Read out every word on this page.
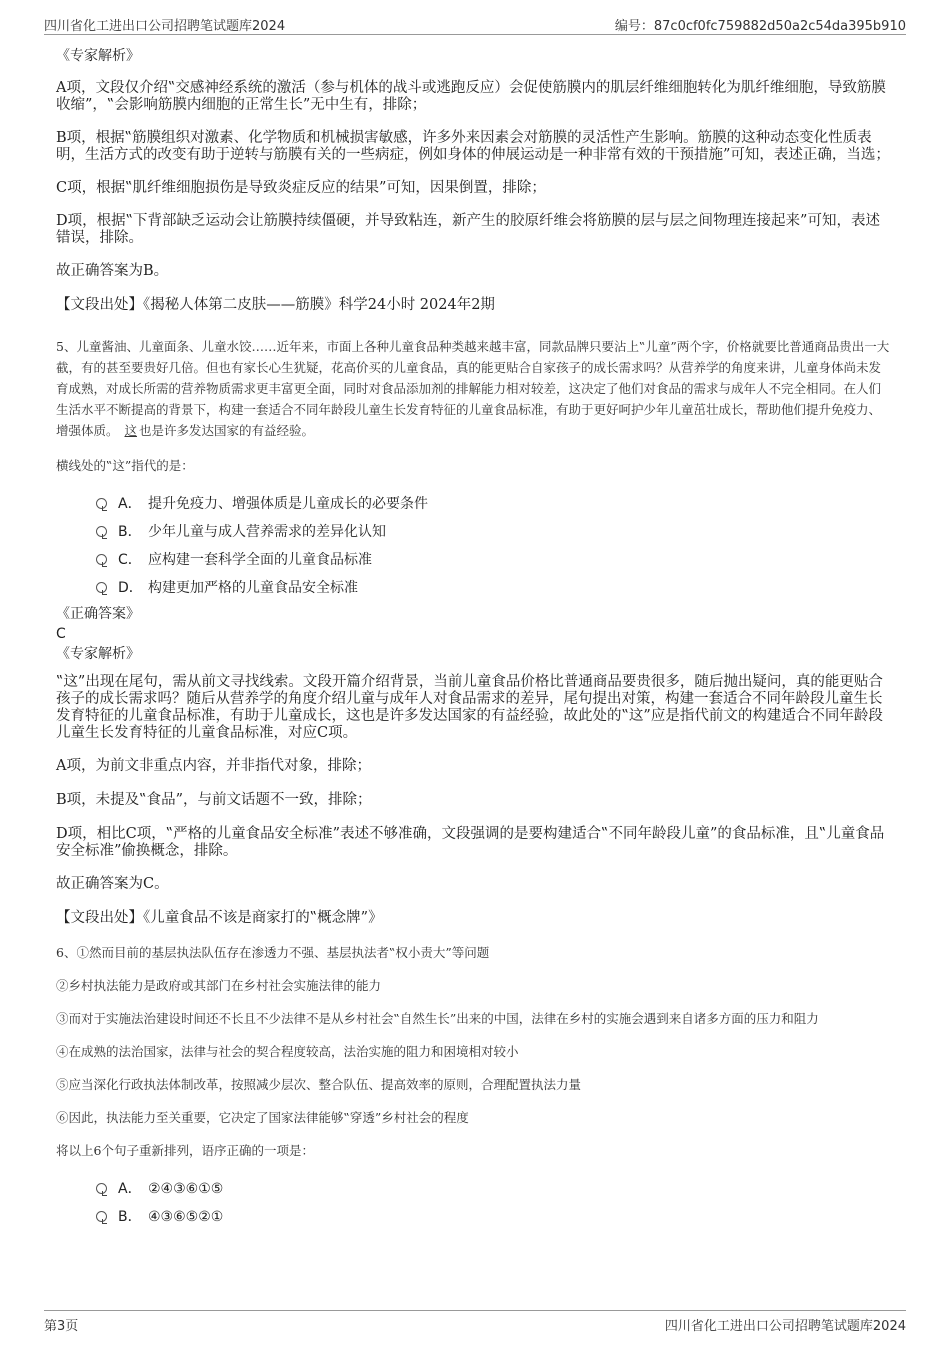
四川省化工进出口公司招聘笔试题库2024	编号：87c0cf0fc759882d50a2c54da395b910

《专家解析》

A项，文段仅介绍‟交感神经系统的激活（参与机体的战斗或逃跑反应）会促使筋膜内的肌层纤维细胞转化为肌纤维细胞，导致筋膜收缩”，‟会影响筋膜内细胞的正常生长”无中生有，排除；

B项，根据‟筋膜组织对激素、化学物质和机械损害敏感，许多外来因素会对筋膜的灵活性产生影响。筋膜的这种动态变化性质表明，生活方式的改变有助于逆转与筋膜有关的一些病症，例如身体的伸展运动是一种非常有效的干预措施”可知，表述正确，当选；

C项，根据‟肌纤维细胞损伤是导致炎症反应的结果”可知，因果倒置，排除；

D项，根据‟下背部缺乏运动会让筋膜持续僵硬，并导致粘连，新产生的胶原纤维会将筋膜的层与层之间物理连接起来”可知，表述错误，排除。

故正确答案为B。

【文段出处】《揭秘人体第二皮肤——筋膜》科学24小时 2024年2期

5、儿童酱油、儿童面条、儿童水饺……近年来，市面上各种儿童食品种类越来越丰富，同款品牌只要沾上‟儿童”两个字，价格就要比普通商品贵出一大截，有的甚至要贵好几倍。但也有家长心生犹疑，花高价买的儿童食品，真的能更贴合自家孩子的成长需求吗？从营养学的角度来讲，儿童身体尚未发育成熟，对成长所需的营养物质需求更丰富更全面，同时对食品添加剂的排解能力相对较差，这决定了他们对食品的需求与成年人不完全相同。在人们生活水平不断提高的背景下，构建一套适合不同年龄段儿童生长发育特征的儿童食品标准，有助于更好呵护少年儿童茁壮成长，帮助他们提升免疫力、增强体质。 这 也是许多发达国家的有益经验。

横线处的‟这”指代的是：

A． 提升免疫力、增强体质是儿童成长的必要条件
B． 少年儿童与成人营养需求的差异化认知
C． 应构建一套科学全面的儿童食品标准
D． 构建更加严格的儿童食品安全标准

《正确答案》

C

《专家解析》

‟这”出现在尾句，需从前文寻找线索。文段开篇介绍背景，当前儿童食品价格比普通商品要贵很多，随后抛出疑问，真的能更贴合孩子的成长需求吗？随后从营养学的角度介绍儿童与成年人对食品需求的差异，尾句提出对策，构建一套适合不同年龄段儿童生长发育特征的儿童食品标准，有助于儿童成长，这也是许多发达国家的有益经验，故此处的‟这”应是指代前文的构建适合不同年龄段儿童生长发育特征的儿童食品标准，对应C项。

A项，为前文非重点内容，并非指代对象，排除；

B项，未提及‟食品”，与前文话题不一致，排除；

D项，相比C项，‟严格的儿童食品安全标准”表述不够准确，文段强调的是要构建适合‟不同年龄段儿童”的食品标准，且‟儿童食品安全标准”偷换概念，排除。

故正确答案为C。

【文段出处】《儿童食品不该是商家打的‟概念牌”》

6、①然而目前的基层执法队伍存在渗透力不强、基层执法者‟权小责大”等问题

②乡村执法能力是政府或其部门在乡村社会实施法律的能力

③而对于实施法治建设时间还不长且不少法律不是从乡村社会‟自然生长”出来的中国，法律在乡村的实施会遇到来自诸多方面的压力和阻力

④在成熟的法治国家，法律与社会的契合程度较高，法治实施的阻力和困境相对较小

⑤应当深化行政执法体制改革，按照减少层次、整合队伍、提高效率的原则，合理配置执法力量

⑥因此，执法能力至关重要，它决定了国家法律能够‟穿透”乡村社会的程度

将以上6个句子重新排列，语序正确的一项是：

A． ②④③⑥①⑤
B． ④③⑥⑤②①
第3页	四川省化工进出口公司招聘笔试题库2024
